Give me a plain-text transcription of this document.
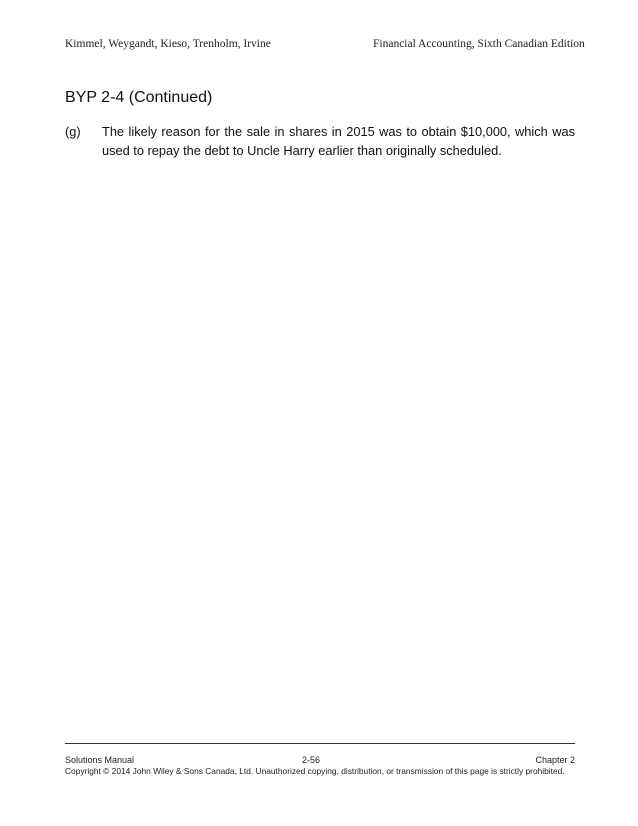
Kimmel, Weygandt, Kieso, Trenholm, Irvine	Financial Accounting, Sixth Canadian Edition
BYP 2-4 (Continued)
(g) The likely reason for the sale in shares in 2015 was to obtain $10,000, which was used to repay the debt to Uncle Harry earlier than originally scheduled.
Solutions Manual	2-56	Chapter 2
Copyright © 2014 John Wiley & Sons Canada, Ltd. Unauthorized copying, distribution, or transmission of this page is strictly prohibited.
